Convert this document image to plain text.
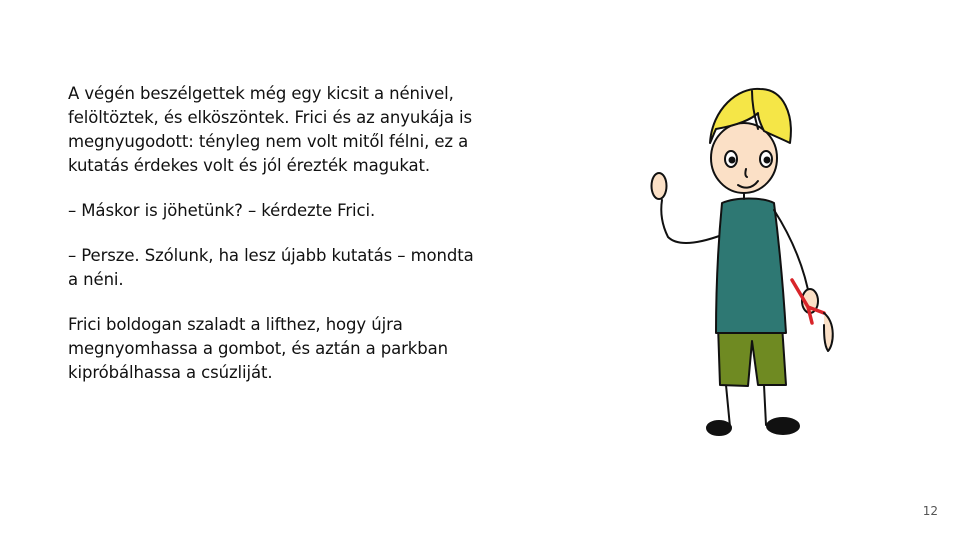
A végén beszélgettek még egy kicsit a nénivel,
felöltöztek, és elköszöntek. Frici és az anyukája is
megnyugodott: tényleg nem volt mitől félni, ez a
kutatás érdekes volt és jól érezték magukat.

– Máskor is jöhetünk? – kérdezte Frici.

– Persze. Szólunk, ha lesz újabb kutatás – mondta
a néni.

Frici boldogan szaladt a lifthez, hogy újra
megnyomhassa a gombot, és aztán a parkban
kipróbálhassa a csúzliját.

12
